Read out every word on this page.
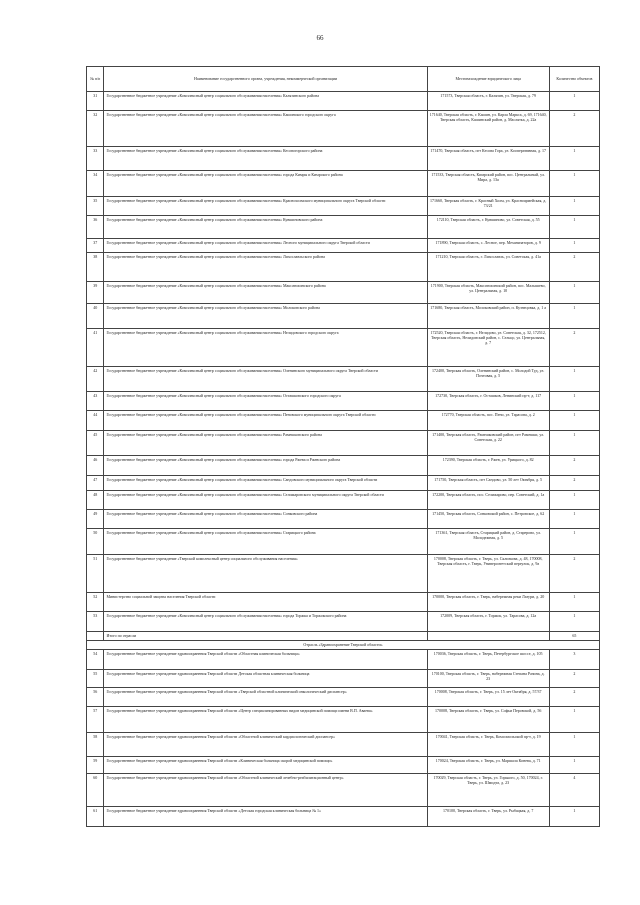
66
№ п/п	Наименование государственного органа, учреждения, некоммерческой организации	Местонахождение юридического лица	Количество объектов
31	Государственное бюджетное учреждение «Комплексный центр социального обслуживания населения» Калязинского района	171573, Тверская область, г. Калязин, ул. Тверская, д. 79	1
32	Государственное бюджетное учреждение «Комплексный центр социального обслуживания населения» Кашинского городского округа	171640, Тверская область, г. Кашин, ул. Карла Маркса, д. 69, 171640, Тверская область, Кашинский район, д. Маслятка, д. 22а	2
33	Государственное бюджетное учреждение «Комплексный центр социального обслуживания населения» Кесовогорского района	171470, Тверская область, пгт Кесова Гора, ул. Кооперативная, д. 17	1
34	Государственное бюджетное учреждение «Комплексный центр социального обслуживания населения» города Кимры и Кимрского района	171533, Тверская область, Кимрский район, пос. Центральный, ул. Мира, д. 13а	1
35	Государственное бюджетное учреждение «Комплексный центр социального обслуживания населения» Краснохолмского муниципального округа Тверской области	171660, Тверская область, г. Красный Холм, ул. Красноармейская, д. 73/21	1
36	Государственное бюджетное учреждение «Комплексный центр социального обслуживания населения» Кувшиновского района	172110, Тверская область, г. Кувшиново, ул. Советская, д. 55	1
37	Государственное бюджетное учреждение «Комплексный центр социального обслуживания населения» Лесного муниципального округа Тверской области	171890, Тверская область, с. Лесное, пер. Механизаторов, д. 9	1
38	Государственное бюджетное учреждение «Комплексный центр социального обслуживания населения» Лихославльского района	171210, Тверская область, г. Лихославль, ул. Советская, д. 41а	2
39	Государственное бюджетное учреждение «Комплексный центр социального обслуживания населения» Максатихинского района	171900, Тверская область, Максатихинский район, пос. Малышево, ул. Центральная, д. 10	1
40	Государственное бюджетное учреждение «Комплексный центр социального обслуживания населения» Молоковского района	171680, Тверская область, Молоковский район, п. Кузнецовка, д. 1 а	1
41	Государственное бюджетное учреждение «Комплексный центр социального обслуживания населения» Нелидовского городского округа	172520, Тверская область, г. Нелидово, ул. Советская, д. 32, 172512, Тверская область, Нелидовский район, с. Сельцо, ул. Центральная, д. 7	2
42	Государственное бюджетное учреждение «Комплексный центр социального обслуживания населения» Оленинского муниципального округа Тверской области	172400, Тверская область, Оленинский район, с. Молодой Туд, ул. Почтовая, д. 5	1
43	Государственное бюджетное учреждение «Комплексный центр социального обслуживания населения» Осташковского городского округа	172730, Тверская область, г. Осташков, Ленинский пр-т, д. 117	1
44	Государственное бюджетное учреждение «Комплексный центр социального обслуживания населения» Пеновского муниципального округа Тверской области	172770, Тверская область, пос. Пено, ул. Тарасова, д. 2	1
45	Государственное бюджетное учреждение «Комплексный центр социального обслуживания населения» Рамешковского района	171400, Тверская область, Рамешковский район, пгт Рамешки, ул. Советская, д. 22	1
46	Государственное бюджетное учреждение «Комплексный центр социального обслуживания населения» города Ржева и Ржевского района	172390, Тверская область, г. Ржев, ул. Урицкого, д. 82	2
47	Государственное бюджетное учреждение «Комплексный центр социального обслуживания населения» Сандовского муниципального округа Тверской области	171750, Тверская область, пгт Сандово, ул. 50 лет Октября, д. 5	2
48	Государственное бюджетное учреждение «Комплексный центр социального обслуживания населения» Селижаровского муниципального округа Тверской области	172200, Тверская область, пос. Селижарово, пер. Советский, д. 1а	1
49	Государственное бюджетное учреждение «Комплексный центр социального обслуживания населения» Сонковского района	171450, Тверская область, Сонковский район, с. Петровское, д. 62	1
50	Государственное бюджетное учреждение «Комплексный центр социального обслуживания населения» Старицкого района	171361, Тверская область, Старицкий район, д. Старерово, ул. Молодежная, д. 5	1
51	Государственное бюджетное учреждение «Тверской комплексный центр социального обслуживания населения»	170008, Тверская область, г. Тверь, ул. Склизкова, д. 48, 170008, Тверская область, г. Тверь, Университетский переулок, д. 9а	2
52	Министерство социальной защиты населения Тверской области	170000, Тверская область, г. Тверь, набережная реки Лазури, д. 20	1
53	Государственное бюджетное учреждение «Комплексный центр социального обслуживания населения» города Торжка и Торжокского района	172009, Тверская область, г. Торжок, ул. Тарасова, д. 12а	1
	Итого по отрасли		65
Отрасль «Здравоохранение Тверской области»			
54	Государственное бюджетное учреждение здравоохранения Тверской области «Областная клиническая больница»	170036, Тверская область, г. Тверь, Петербургское шоссе, д. 105	3
55	Государственное бюджетное учреждение здравоохранения Тверской области Детская областная клиническая больница	170100, Тверская область, г. Тверь, набережная Степана Разина, д. 23	2
56	Государственное бюджетное учреждение здравоохранения Тверской области «Тверской областной клинический онкологический диспансер»	170008, Тверская область, г. Тверь, ул. 15 лет Октября, д. 57/37	2
57	Государственное бюджетное учреждение здравоохранения Тверской области «Центр специализированных видов медицинской помощи имени В.П. Аваева»	170008, Тверская область, г. Тверь, ул. Софьи Перовской, д. 56	1
58	Государственное бюджетное учреждение здравоохранения Тверской области «Областной клинический кардиологический диспансер»	170041, Тверская область, г. Тверь, Комсомольский пр-т, д. 19	1
59	Государственное бюджетное учреждение здравоохранения Тверской области «Клиническая больница скорой медицинской помощи»	170024, Тверская область, г. Тверь, ул. Маршала Конева, д. 71	1
60	Государственное бюджетное учреждение здравоохранения Тверской области «Областной клинический лечебно-реабилитационный центр»	170029, Тверская область, г. Тверь, ул. Горького, д. 50, 170024, г. Тверь, ул. Шмидта, д. 23	4
61	Государственное бюджетное учреждение здравоохранения Тверской области «Детская городская клиническая больница № 1»	170100, Тверская область, г. Тверь, ул. Рыбацкая, д. 7	1
